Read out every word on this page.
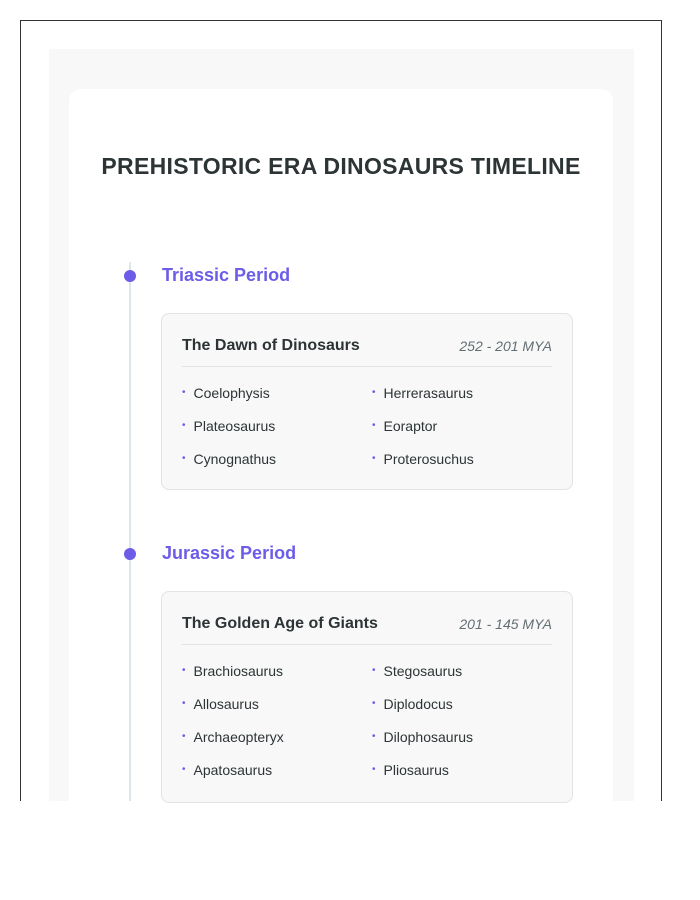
PREHISTORIC ERA DINOSAURS TIMELINE
Triassic Period
The Dawn of Dinosaurs	252 - 201 MYA
• Coelophysis	• Herrerasaurus
• Plateosaurus	• Eoraptor
• Cynognathus	• Proterosuchus
Jurassic Period
The Golden Age of Giants	201 - 145 MYA
• Brachiosaurus	• Stegosaurus
• Allosaurus	• Diplodocus
• Archaeopteryx	• Dilophosaurus
• Apatosaurus	• Pliosaurus
